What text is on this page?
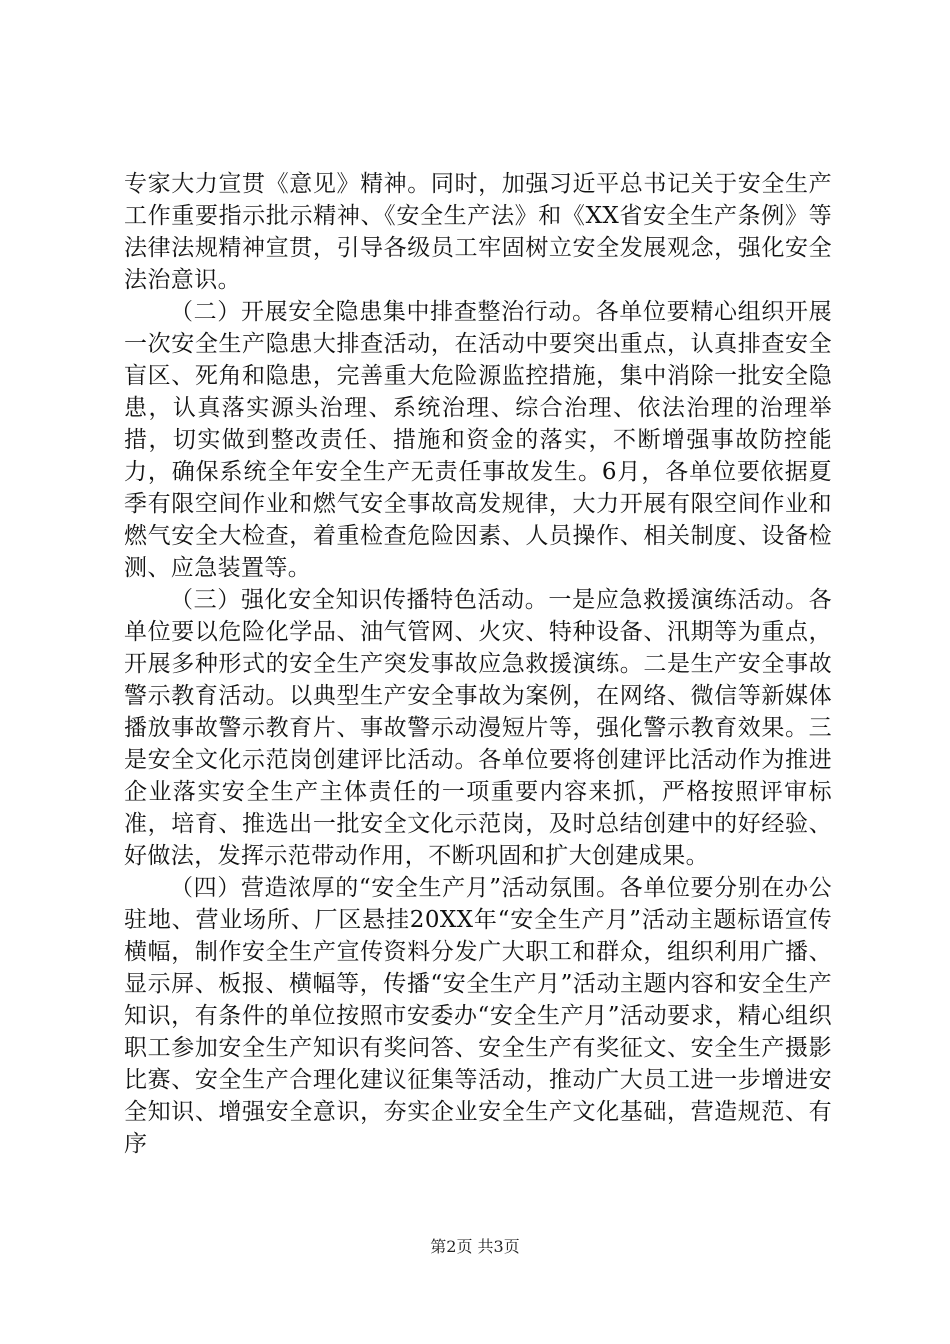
专家大力宣贯《意见》精神。同时，加强习近平总书记关于安全生产工作重要指示批示精神、《安全生产法》和《XX省安全生产条例》等法律法规精神宣贯，引导各级员工牢固树立安全发展观念，强化安全法治意识。

（二）开展安全隐患集中排查整治行动。各单位要精心组织开展一次安全生产隐患大排查活动，在活动中要突出重点，认真排查安全盲区、死角和隐患，完善重大危险源监控措施，集中消除一批安全隐患，认真落实源头治理、系统治理、综合治理、依法治理的治理举措，切实做到整改责任、措施和资金的落实，不断增强事故防控能力，确保系统全年安全生产无责任事故发生。6月，各单位要依据夏季有限空间作业和燃气安全事故高发规律，大力开展有限空间作业和燃气安全大检查，着重检查危险因素、人员操作、相关制度、设备检测、应急装置等。

（三）强化安全知识传播特色活动。一是应急救援演练活动。各单位要以危险化学品、油气管网、火灾、特种设备、汛期等为重点，开展多种形式的安全生产突发事故应急救援演练。二是生产安全事故警示教育活动。以典型生产安全事故为案例，在网络、微信等新媒体播放事故警示教育片、事故警示动漫短片等，强化警示教育效果。三是安全文化示范岗创建评比活动。各单位要将创建评比活动作为推进企业落实安全生产主体责任的一项重要内容来抓，严格按照评审标准，培育、推选出一批安全文化示范岗，及时总结创建中的好经验、好做法，发挥示范带动作用，不断巩固和扩大创建成果。

（四）营造浓厚的“安全生产月”活动氛围。各单位要分别在办公驻地、营业场所、厂区悬挂20XX年“安全生产月”活动主题标语宣传横幅，制作安全生产宣传资料分发广大职工和群众，组织利用广播、显示屏、板报、横幅等，传播“安全生产月”活动主题内容和安全生产知识，有条件的单位按照市安委办“安全生产月”活动要求，精心组织职工参加安全生产知识有奖问答、安全生产有奖征文、安全生产摄影比赛、安全生产合理化建议征集等活动，推动广大员工进一步增进安全知识、增强安全意识，夯实企业安全生产文化基础，营造规范、有序

第2页 共3页
